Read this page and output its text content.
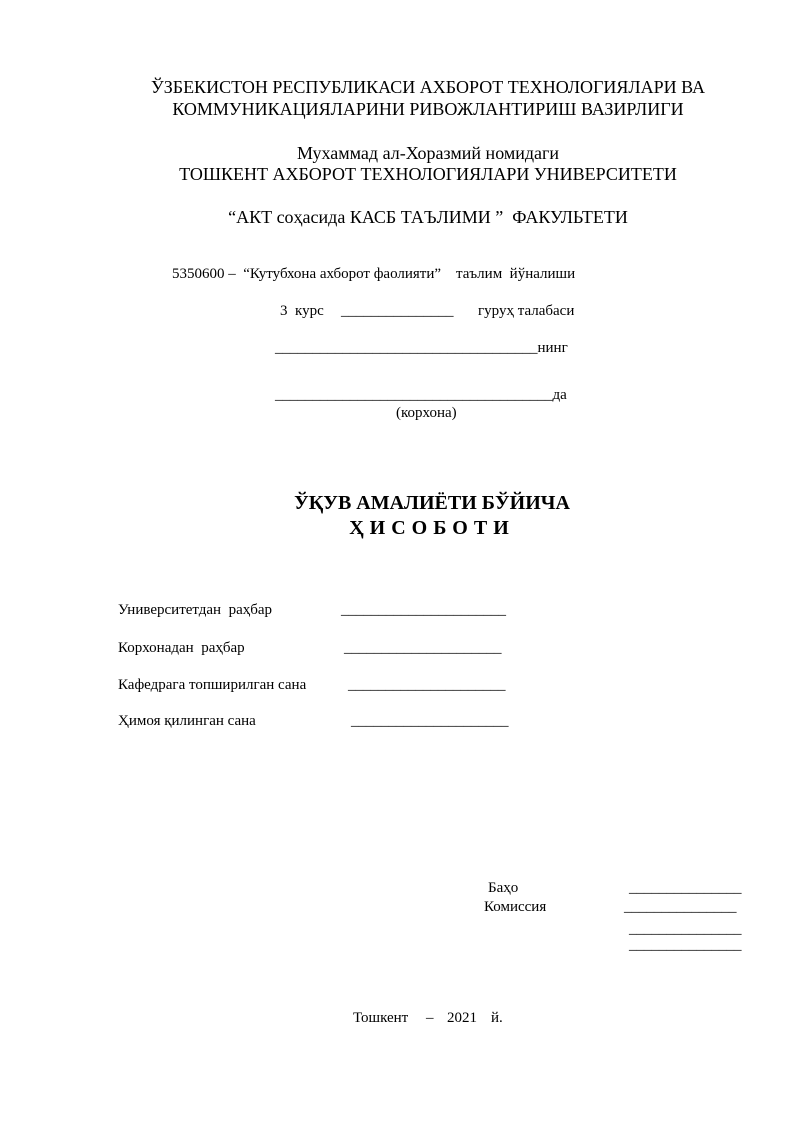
ЎЗБЕКИСТОН РЕСПУБЛИКАСИ АХБОРОТ ТЕХНОЛОГИЯЛАРИ ВА
КОММУНИКАЦИЯЛАРИНИ РИВОЖЛАНТИРИШ ВАЗИРЛИГИ
Мухаммад ал-Хоразмий номидаги
ТОШКЕНТ АХБОРОТ ТЕХНОЛОГИЯЛАРИ УНИВЕРСИТЕТИ
“АКТ соҳасида КАСБ ТАЪЛИМИ ”  ФАКУЛЬТЕТИ
5350600 –  “Кутубхона ахборот фаолияти”    таълим  йўналиши
3  курс _______________ гуруҳ талабаси
___________________________________нинг
_____________________________________да
(корхона)
ЎҚУВ АМАЛИЁТИ БЎЙИЧА
ҲИСОБОТИ
Университетдан  раҳбар	______________________
Корхонадан  раҳбар	_____________________
Кафедрага топширилган сана	_____________________
Ҳимоя қилинган сана	_____________________
Баҳо	_______________
Комиссия	_______________
_______________
_______________
Тошкент – 2021 й.
